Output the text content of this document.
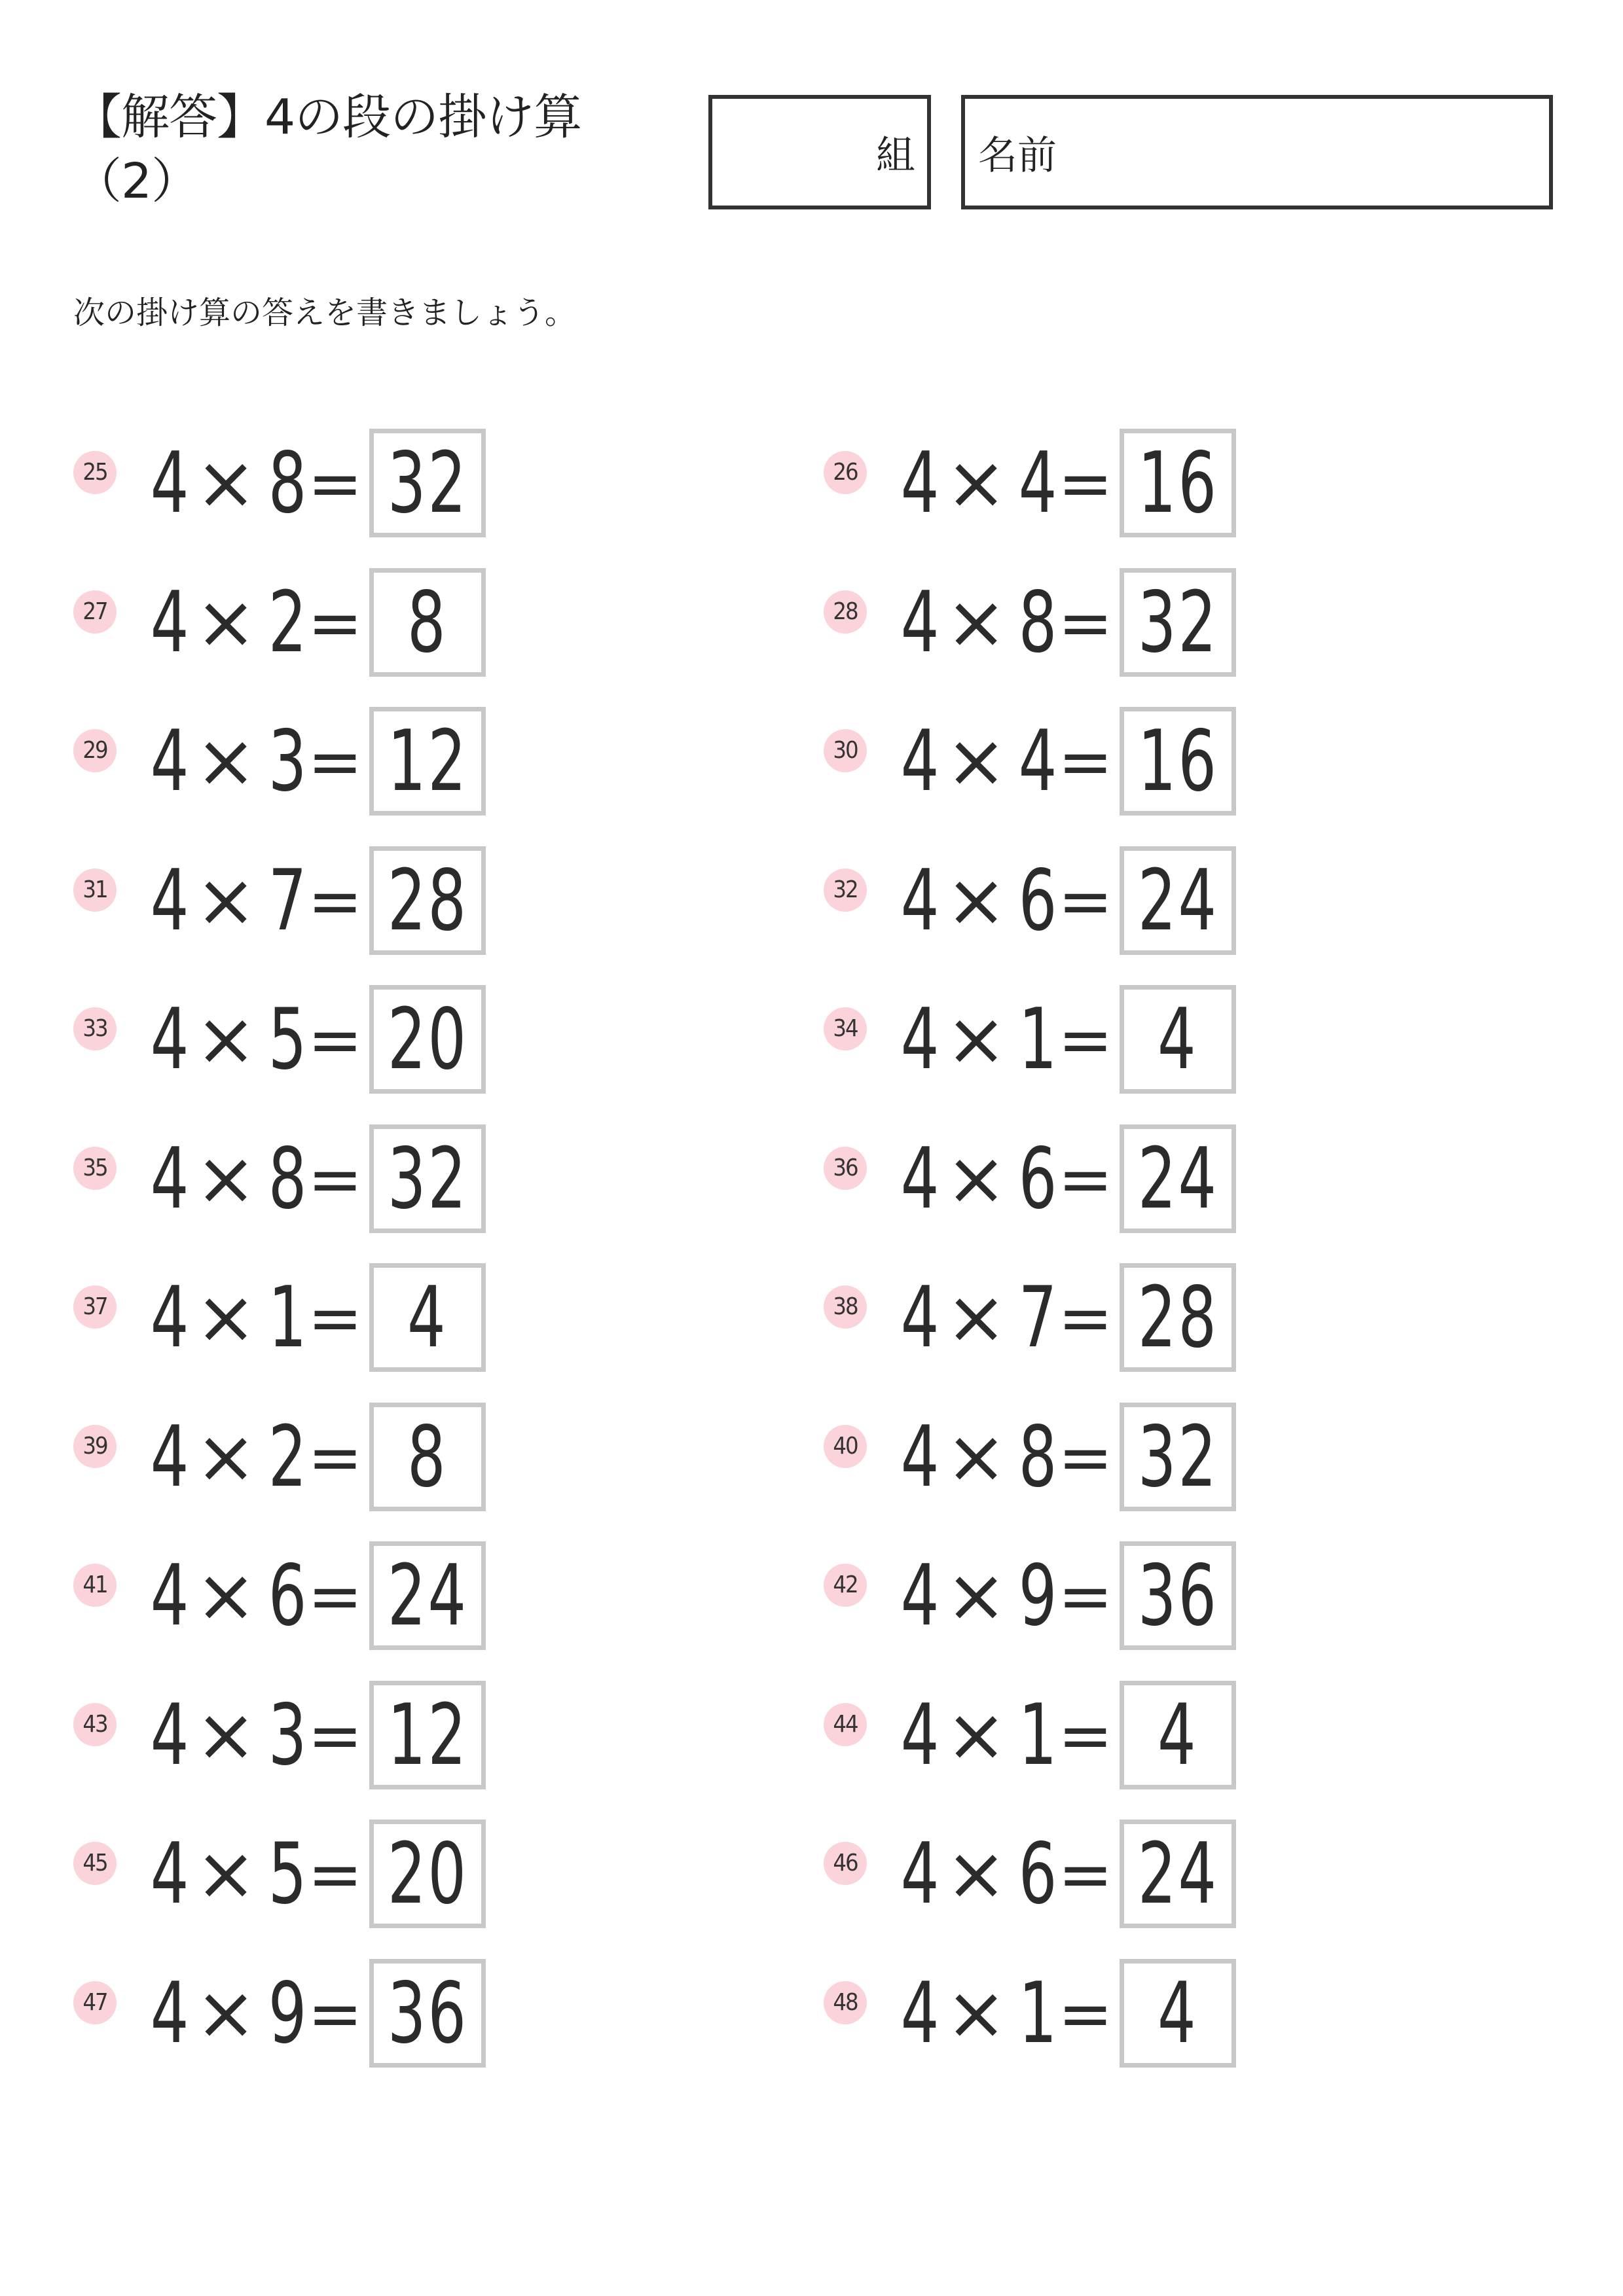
【解答】4の段の掛け算
（2）	組 名前
次の掛け算の答えを書きましょう。
25 4 × 8 = 32	26 4 × 4 = 16
27 4 × 2 = 8	28 4 × 8 = 32
29 4 × 3 = 12	30 4 × 4 = 16
31 4 × 7 = 28	32 4 × 6 = 24
33 4 × 5 = 20	34 4 × 1 = 4
35 4 × 8 = 32	36 4 × 6 = 24
37 4 × 1 = 4	38 4 × 7 = 28
39 4 × 2 = 8	40 4 × 8 = 32
41 4 × 6 = 24	42 4 × 9 = 36
43 4 × 3 = 12	44 4 × 1 = 4
45 4 × 5 = 20	46 4 × 6 = 24
47 4 × 9 = 36	48 4 × 1 = 4
